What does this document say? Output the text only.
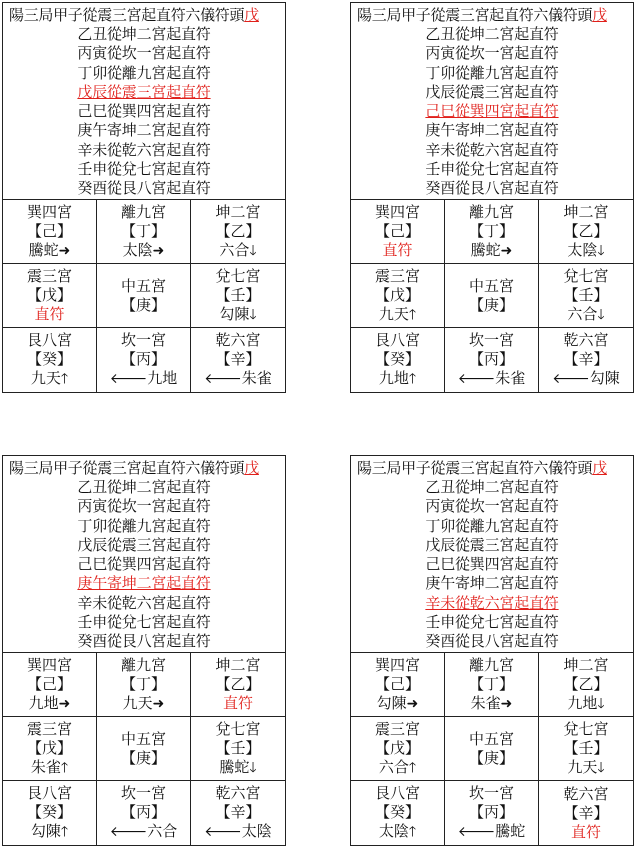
陽三局甲子從震三宮起直符六儀符頭戊
乙丑從坤二宮起直符
丙寅從坎一宮起直符
丁卯從離九宮起直符
戊辰從震三宮起直符
己巳從巽四宮起直符
庚午寄坤二宮起直符
辛未從乾六宮起直符
壬申從兌七宮起直符
癸酉從艮八宮起直符
巽四宮
【己】
騰蛇➜
離九宮
【丁】
太陰➜
坤二宮
【乙】
六合🡓
震三宮
【戊】
直符
中五宮
【庚】
兌七宮
【壬】
勾陳🡓
艮八宮
【癸】
九天🡑
坎一宮
【丙】
🡐九地
乾六宮
【辛】
🡐朱雀
陽三局甲子從震三宮起直符六儀符頭戊
乙丑從坤二宮起直符
丙寅從坎一宮起直符
丁卯從離九宮起直符
戊辰從震三宮起直符
己巳從巽四宮起直符
庚午寄坤二宮起直符
辛未從乾六宮起直符
壬申從兌七宮起直符
癸酉從艮八宮起直符
巽四宮
【己】
直符
離九宮
【丁】
騰蛇➜
坤二宮
【乙】
太陰🡓
震三宮
【戊】
九天🡑
中五宮
【庚】
兌七宮
【壬】
六合🡓
艮八宮
【癸】
九地🡑
坎一宮
【丙】
🡐朱雀
乾六宮
【辛】
🡐勾陳
陽三局甲子從震三宮起直符六儀符頭戊
乙丑從坤二宮起直符
丙寅從坎一宮起直符
丁卯從離九宮起直符
戊辰從震三宮起直符
己巳從巽四宮起直符
庚午寄坤二宮起直符
辛未從乾六宮起直符
壬申從兌七宮起直符
癸酉從艮八宮起直符
巽四宮
【己】
九地➜
離九宮
【丁】
九天➜
坤二宮
【乙】
直符
震三宮
【戊】
朱雀🡑
中五宮
【庚】
兌七宮
【壬】
騰蛇🡓
艮八宮
【癸】
勾陳🡑
坎一宮
【丙】
🡐六合
乾六宮
【辛】
🡐太陰
陽三局甲子從震三宮起直符六儀符頭戊
乙丑從坤二宮起直符
丙寅從坎一宮起直符
丁卯從離九宮起直符
戊辰從震三宮起直符
己巳從巽四宮起直符
庚午寄坤二宮起直符
辛未從乾六宮起直符
壬申從兌七宮起直符
癸酉從艮八宮起直符
巽四宮
【己】
勾陳➜
離九宮
【丁】
朱雀➜
坤二宮
【乙】
九地🡓
震三宮
【戊】
六合🡑
中五宮
【庚】
兌七宮
【壬】
九天🡓
艮八宮
【癸】
太陰🡑
坎一宮
【丙】
🡐騰蛇
乾六宮
【辛】
直符
